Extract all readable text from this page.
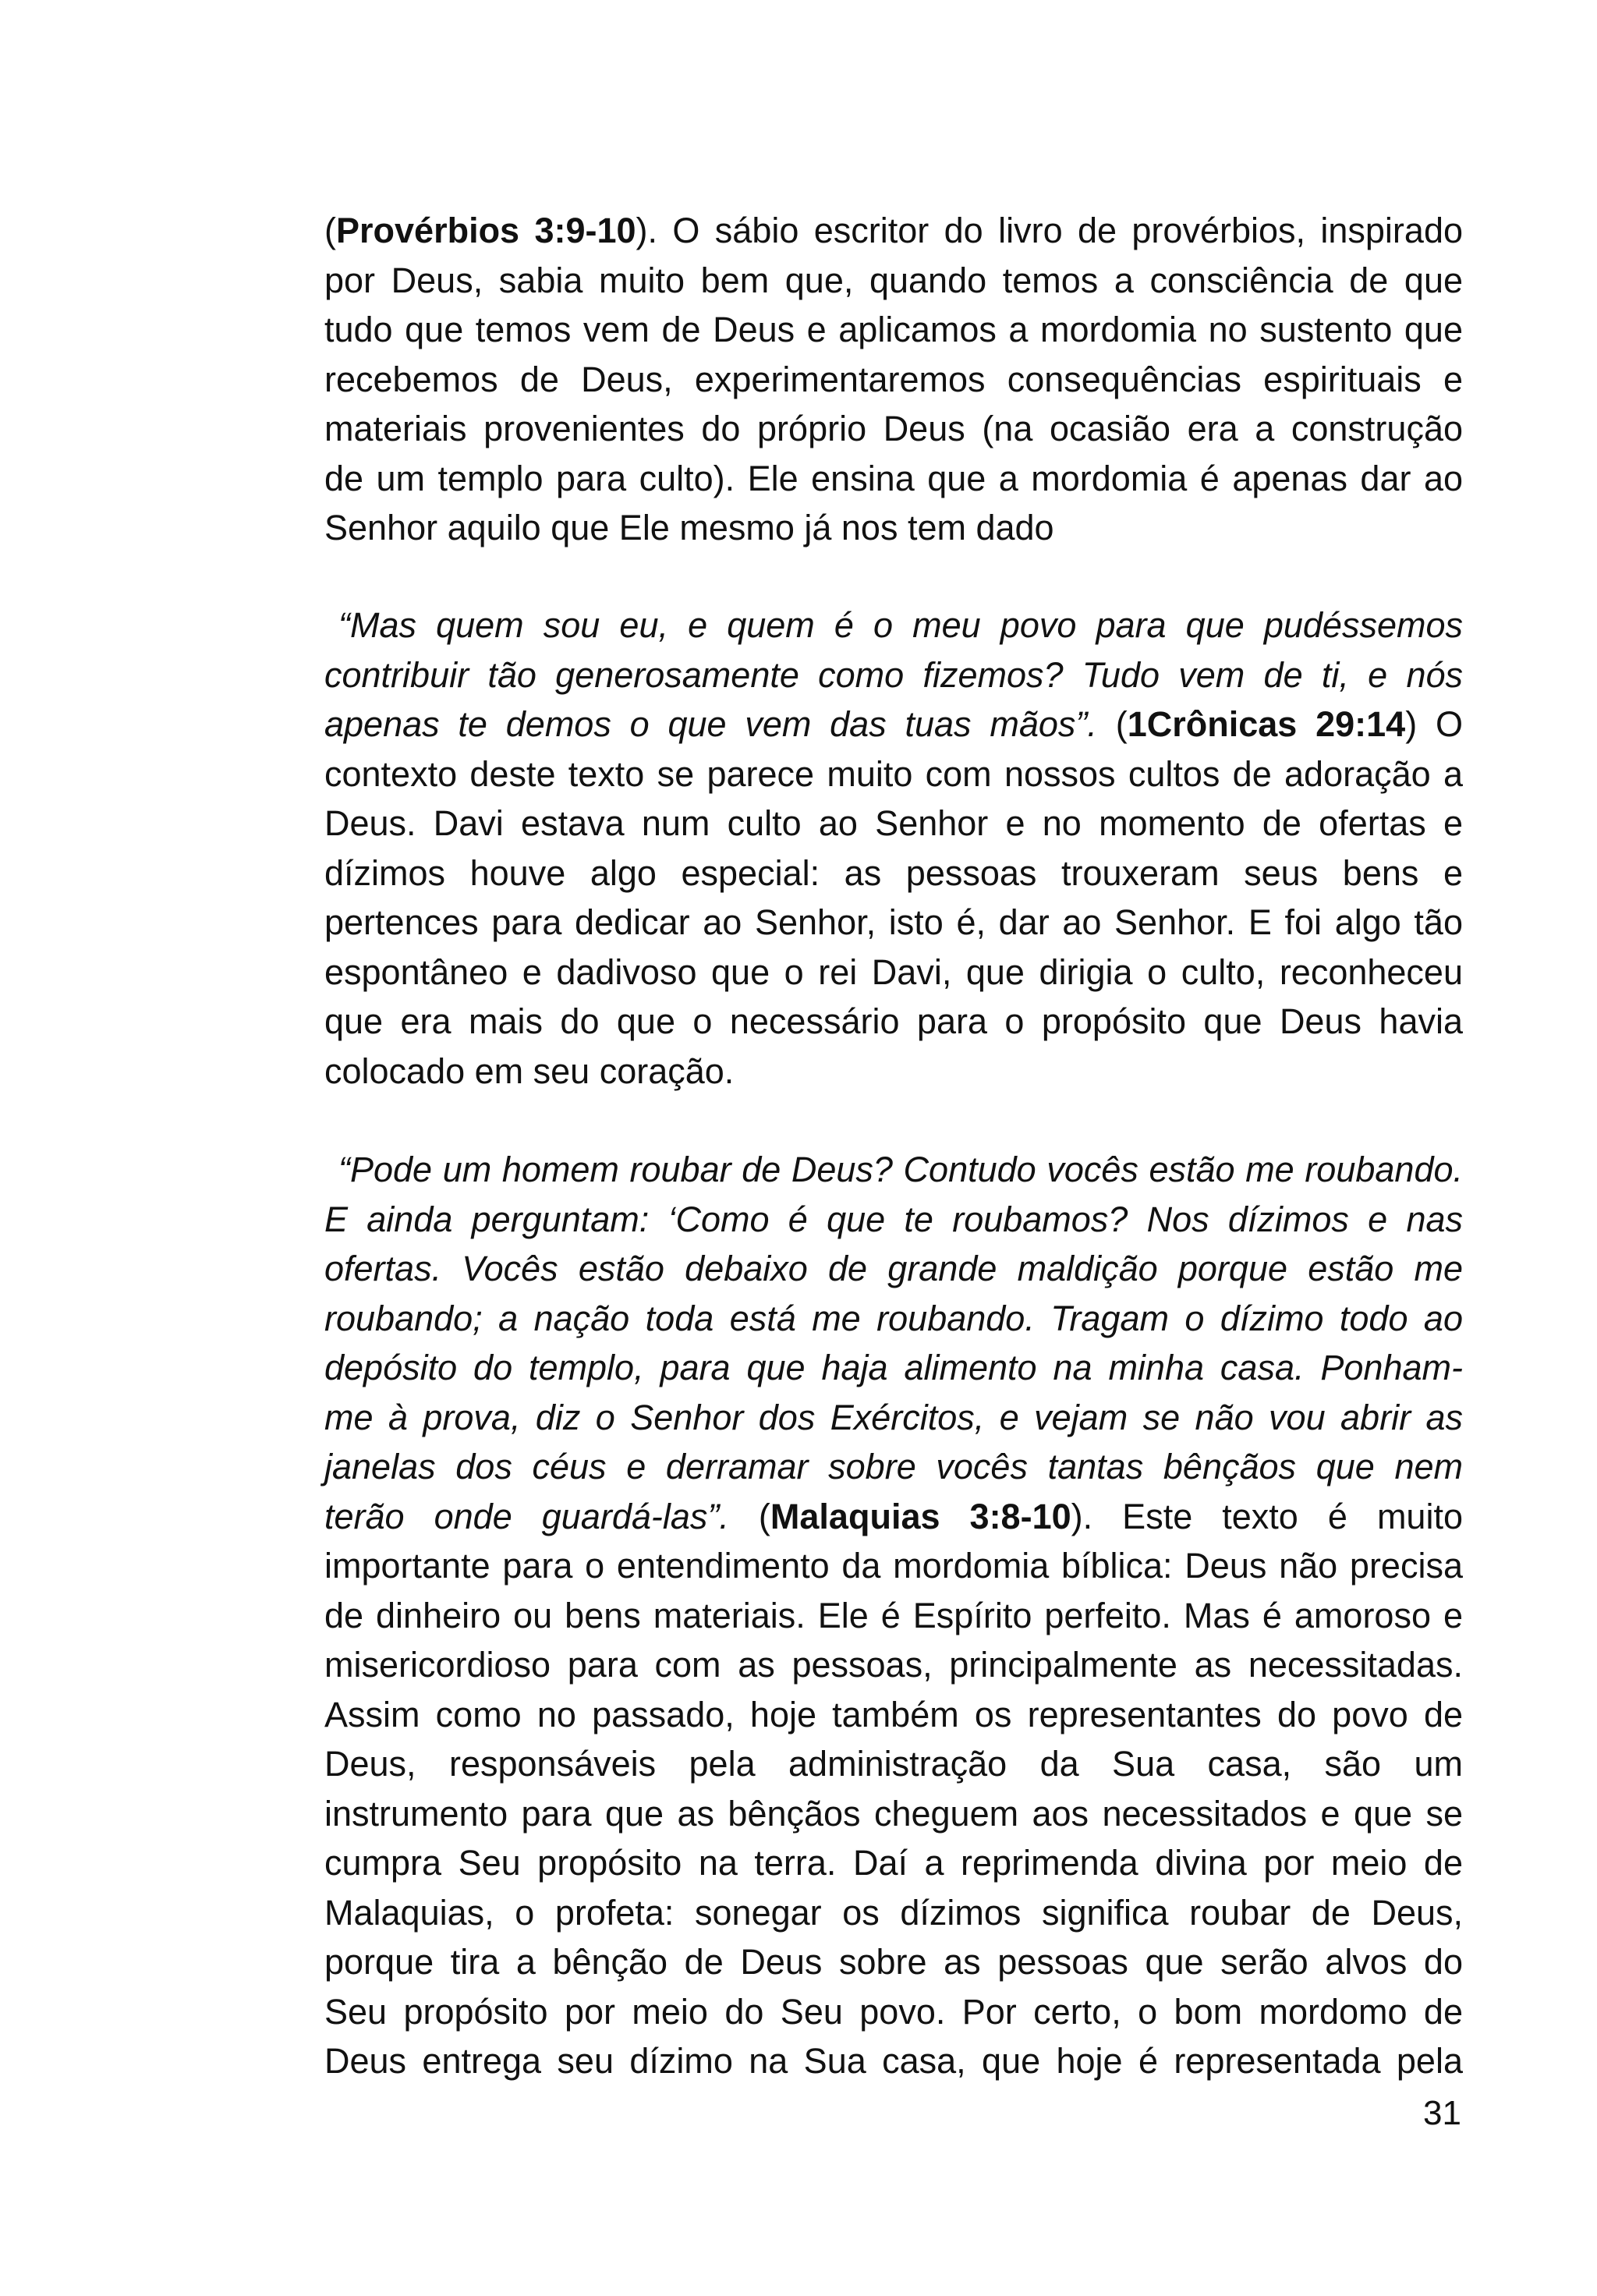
(Provérbios 3:9-10). O sábio escritor do livro de provérbios, inspirado
por Deus, sabia muito bem que, quando temos a consciência de que
tudo que temos vem de Deus e aplicamos a mordomia no sustento que
recebemos de Deus, experimentaremos consequências espirituais e
materiais provenientes do próprio Deus (na ocasião era a construção
de um templo para culto). Ele ensina que a mordomia é apenas dar ao
Senhor aquilo que Ele mesmo já nos tem dado
“Mas quem sou eu, e quem é o meu povo para que pudéssemos
contribuir tão generosamente como fizemos? Tudo vem de ti, e nós
apenas te demos o que vem das tuas mãos”. (1Crônicas 29:14) O
contexto deste texto se parece muito com nossos cultos de adoração a
Deus. Davi estava num culto ao Senhor e no momento de ofertas e
dízimos houve algo especial: as pessoas trouxeram seus bens e
pertences para dedicar ao Senhor, isto é, dar ao Senhor. E foi algo tão
espontâneo e dadivoso que o rei Davi, que dirigia o culto, reconheceu
que era mais do que o necessário para o propósito que Deus havia
colocado em seu coração.
“Pode um homem roubar de Deus? Contudo vocês estão me roubando.
E ainda perguntam: ‘Como é que te roubamos? Nos dízimos e nas
ofertas. Vocês estão debaixo de grande maldição porque estão me
roubando; a nação toda está me roubando. Tragam o dízimo todo ao
depósito do templo, para que haja alimento na minha casa. Ponham-
me à prova, diz o Senhor dos Exércitos, e vejam se não vou abrir as
janelas dos céus e derramar sobre vocês tantas bênçãos que nem
terão onde guardá-las”. (Malaquias 3:8-10). Este texto é muito
importante para o entendimento da mordomia bíblica: Deus não precisa
de dinheiro ou bens materiais. Ele é Espírito perfeito. Mas é amoroso e
misericordioso para com as pessoas, principalmente as necessitadas.
Assim como no passado, hoje também os representantes do povo de
Deus, responsáveis pela administração da Sua casa, são um
instrumento para que as bênçãos cheguem aos necessitados e que se
cumpra Seu propósito na terra. Daí a reprimenda divina por meio de
Malaquias, o profeta: sonegar os dízimos significa roubar de Deus,
porque tira a bênção de Deus sobre as pessoas que serão alvos do
Seu propósito por meio do Seu povo. Por certo, o bom mordomo de
Deus entrega seu dízimo na Sua casa, que hoje é representada pela
31
